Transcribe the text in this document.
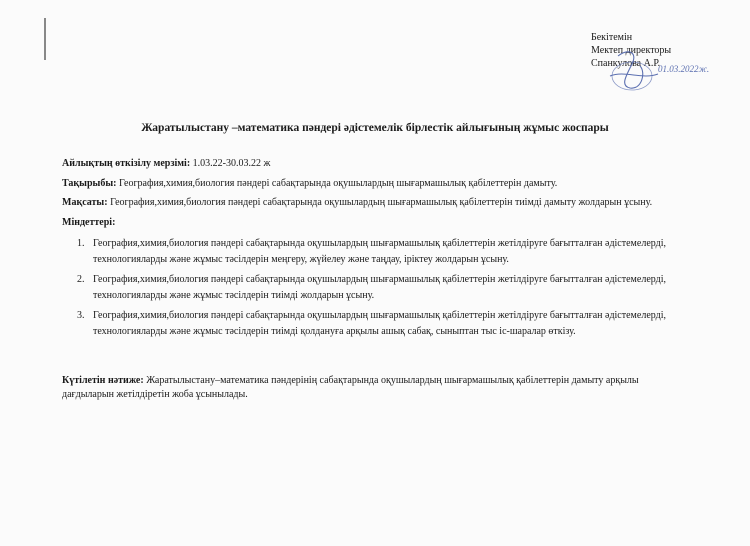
Бекітемін
Мектеп директоры
Спанкулова А.Р.
01.03.2022ж.
Жаратылыстану –математика пәндері әдістемелік бірлестік айлығының жұмыс жоспары
Айлықтың өткізілу мерзімі: 1.03.22-30.03.22 ж
Тақырыбы: География,химия,биология пәндері сабақтарында оқушылардың шығармашылық қабілеттерін дамыту.
Мақсаты: География,химия,биология пәндері сабақтарында оқушылардың шығармашылық қабілеттерін тиімді дамыту жолдарын ұсыну.
Міндеттері:
1. География,химия,биология пәндері сабақтарында оқушылардың шығармашылық қабілеттерін жетілдіруге бағытталған әдістемелерді,
технологияларды және жұмыс тәсілдерін меңгеру, жүйелеу және таңдау, іріктеу жолдарын ұсыну.
2. География,химия,биология пәндері сабақтарында оқушылардың шығармашылық қабілеттерін жетілдіруге бағытталған әдістемелерді,
технологияларды және жұмыс тәсілдерін тиімді жолдарын ұсыну.
3. География,химия,биология пәндері сабақтарында оқушылардың шығармашылық қабілеттерін жетілдіруге бағытталған әдістемелерді,
технологияларды және жұмыс тәсілдерін тиімді қолдануға арқылы ашық сабақ, сыныптан тыс іс-шаралар өткізу.
Күтілетін нәтиже: Жаратылыстану–математика пәндерінің сабақтарында оқушылардың шығармашылық қабілеттерін дамыту арқылы
дағдыларын жетілдіретін жоба ұсынылады.
